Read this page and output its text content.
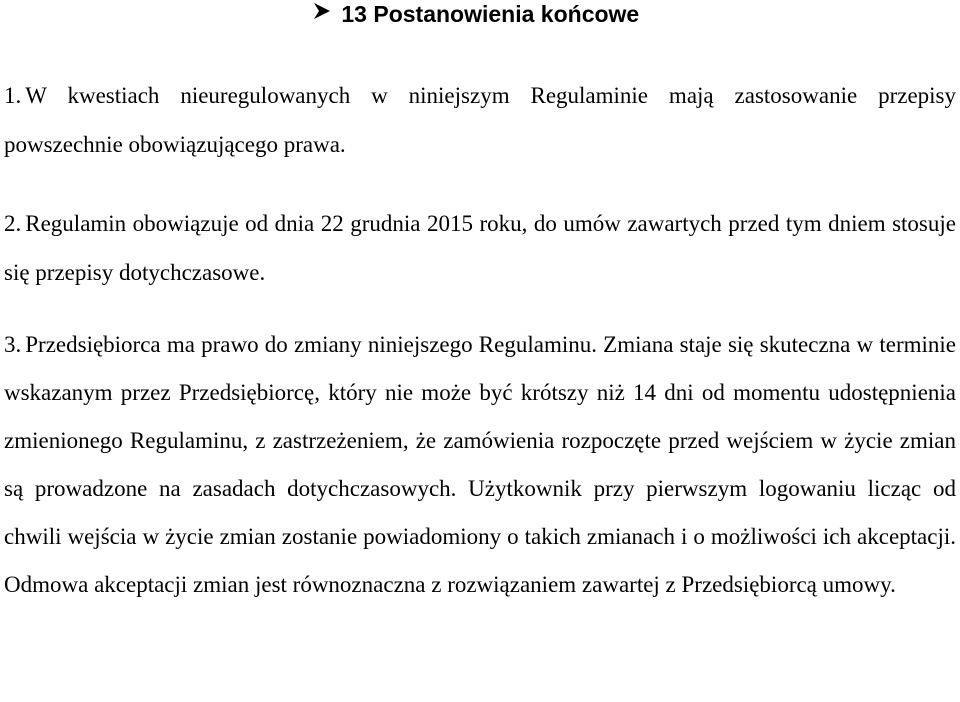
13 Postanowienia końcowe

1. W kwestiach nieuregulowanych w niniejszym Regulaminie mają zastosowanie przepisy powszechnie obowiązującego prawa.

2. Regulamin obowiązuje od dnia 22 grudnia 2015 roku, do umów zawartych przed tym dniem stosuje się przepisy dotychczasowe.

3. Przedsiębiorca ma prawo do zmiany niniejszego Regulaminu. Zmiana staje się skuteczna w terminie wskazanym przez Przedsiębiorcę, który nie może być krótszy niż 14 dni od momentu udostępnienia zmienionego Regulaminu, z zastrzeżeniem, że zamówienia rozpoczęte przed wejściem w życie zmian są prowadzone na zasadach dotychczasowych. Użytkownik przy pierwszym logowaniu licząc od chwili wejścia w życie zmian zostanie powiadomiony o takich zmianach i o możliwości ich akceptacji. Odmowa akceptacji zmian jest równoznaczna z rozwiązaniem zawartej z Przedsiębiorcą umowy.
